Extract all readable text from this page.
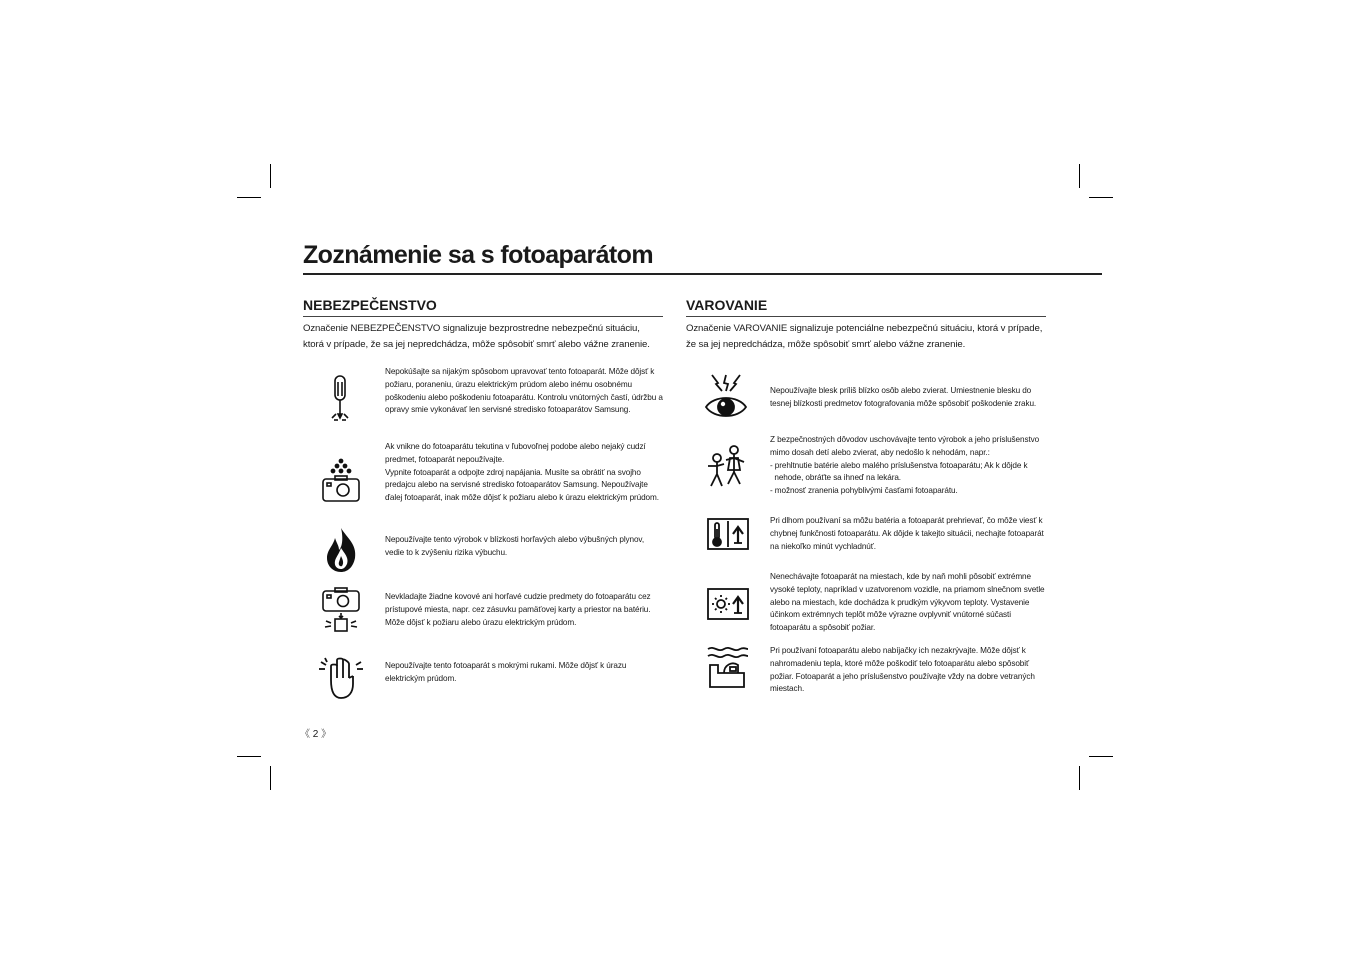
Zoznámenie sa s fotoaparátom
NEBEZPEČENSTVO
Označenie NEBEZPEČENSTVO signalizuje bezprostredne nebezpečnú situáciu, ktorá v prípade, že sa jej nepredchádza, môže spôsobiť smrť alebo vážne zranenie.

Nepokúšajte sa nijakým spôsobom upravovať tento fotoaparát. Môže dôjsť k požiaru, poraneniu, úrazu elektrickým prúdom alebo inému osobnému poškodeniu alebo poškodeniu fotoaparátu. Kontrolu vnútorných častí, údržbu a opravy smie vykonávať len servisné stredisko fotoaparátov Samsung.

Ak vnikne do fotoaparátu tekutina v ľubovoľnej podobe alebo nejaký cudzí predmet, fotoaparát nepoužívajte.
Vypnite fotoaparát a odpojte zdroj napájania. Musíte sa obrátiť na svojho predajcu alebo na servisné stredisko fotoaparátov Samsung. Nepoužívajte ďalej fotoaparát, inak môže dôjsť k požiaru alebo k úrazu elektrickým prúdom.

Nepoužívajte tento výrobok v blízkosti horľavých alebo výbušných plynov, vedie to k zvýšeniu rizika výbuchu.

Nevkladajte žiadne kovové ani horľavé cudzie predmety do fotoaparátu cez prístupové miesta, napr. cez zásuvku pamäťovej karty a priestor na batériu. Môže dôjsť k požiaru alebo úrazu elektrickým prúdom.

Nepoužívajte tento fotoaparát s mokrými rukami. Môže dôjsť k úrazu elektrickým prúdom.

VAROVANIE
Označenie VAROVANIE signalizuje potenciálne nebezpečnú situáciu, ktorá v prípade, že sa jej nepredchádza, môže spôsobiť smrť alebo vážne zranenie.

Nepoužívajte blesk príliš blízko osôb alebo zvierat. Umiestnenie blesku do tesnej blízkosti predmetov fotografovania môže spôsobiť poškodenie zraku.

Z bezpečnostných dôvodov uschovávajte tento výrobok a jeho príslušenstvo mimo dosah detí alebo zvierat, aby nedošlo k nehodám, napr.:
- prehltnutie batérie alebo malého príslušenstva fotoaparátu; Ak k dôjde k
nehode, obráťte sa ihneď na lekára.
- možnosť zranenia pohyblivými časťami fotoaparátu.

Pri dlhom používaní sa môžu batéria a fotoaparát prehrievať, čo môže viesť k chybnej funkčnosti fotoaparátu. Ak dôjde k takejto situácii, nechajte fotoaparát na niekoľko minút vychladnúť.

Nenechávajte fotoaparát na miestach, kde by naň mohli pôsobiť extrémne vysoké teploty, napríklad v uzatvorenom vozidle, na priamom slnečnom svetle alebo na miestach, kde dochádza k prudkým výkyvom teploty. Vystavenie účinkom extrémnych teplôt môže výrazne ovplyvniť vnútorné súčasti fotoaparátu a spôsobiť požiar.

Pri používaní fotoaparátu alebo nabíjačky ich nezakrývajte. Môže dôjsť k nahromadeniu tepla, ktoré môže poškodiť telo fotoaparátu alebo spôsobiť požiar. Fotoaparát a jeho príslušenstvo používajte vždy na dobre vetraných miestach.

《 2 》
